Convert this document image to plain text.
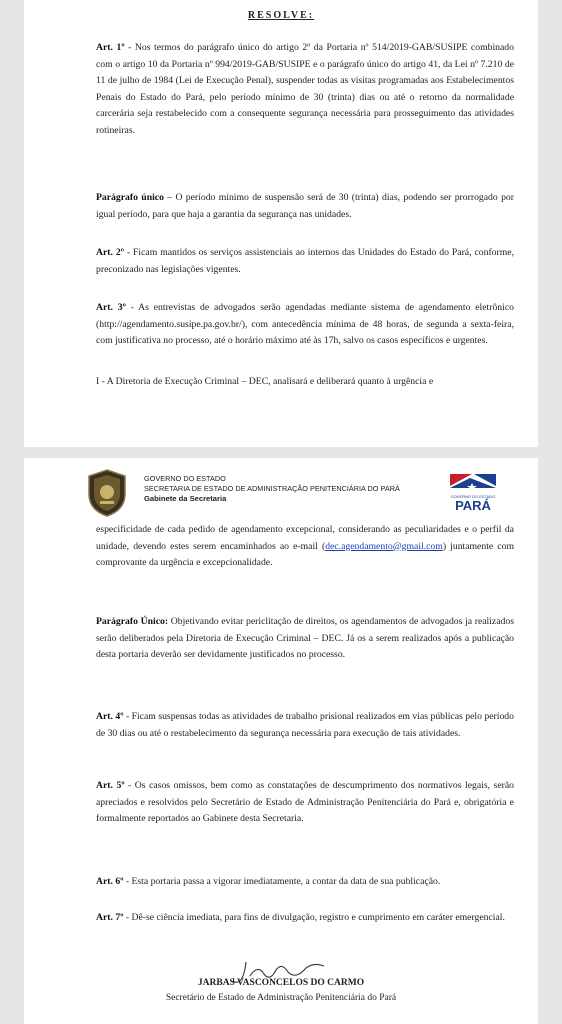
RESOLVE:

Art. 1º - Nos termos do parágrafo único do artigo 2º da Portaria nº 514/2019-GAB/SUSIPE combinado com o artigo 10 da Portaria nº 994/2019-GAB/SUSIPE e o parágrafo único do artigo 41, da Lei nº 7.210 de 11 de julho de 1984 (Lei de Execução Penal), suspender todas as visitas programadas aos Estabelecimentos Penais do Estado do Pará, pelo período mínimo de 30 (trinta) dias ou até o retorno da normalidade carcerária seja restabelecido com a consequente segurança necessária para prosseguimento das atividades rotineiras.

Parágrafo único – O período mínimo de suspensão será de 30 (trinta) dias, podendo ser prorrogado por igual período, para que haja a garantia da segurança nas unidades.

Art. 2º - Ficam mantidos os serviços assistenciais ao internos das Unidades do Estado do Pará, conforme, preconizado nas legislações vigentes.

Art. 3º - As entrevistas de advogados serão agendadas mediante sistema de agendamento eletrônico (http://agendamento.susipe.pa.gov.br/), com antecedência mínima de 48 horas, de segunda a sexta-feira, com justificativa no processo, até o horário máximo até às 17h, salvo os casos específicos e urgentes.

I - A Diretoria de Execução Criminal – DEC, analisará e deliberará quanto à urgência e

GOVERNO DO ESTADO
SECRETARIA DE ESTADO DE ADMINISTRAÇÃO PENITENCIÁRIA DO PARÁ
Gabinete da Secretaria	GOVERNO DO ESTADO
PARÁ

especificidade de cada pedido de agendamento excepcional, considerando as peculiaridades e o perfil da unidade, devendo estes serem encaminhados ao e-mail (dec.agendamento@gmail.com) juntamente com comprovante da urgência e excepcionalidade.

Parágrafo Único: Objetivando evitar periclitação de direitos, os agendamentos de advogados ja realizados serão deliberados pela Diretoria de Execução Criminal – DEC. Já os a serem realizados após a publicação desta portaria deverão ser devidamente justificados no processo.

Art. 4º - Ficam suspensas todas as atividades de trabalho prisional realizados em vias públicas pelo período de 30 dias ou até o restabelecimento da segurança necessária para execução de tais atividades.

Art. 5º - Os casos omissos, bem como as constatações de descumprimento dos normativos legais, serão apreciados e resolvidos pelo Secretário de Estado de Administração Penitenciária do Pará e, obrigatória e formalmente reportados ao Gabinete desta Secretaria.

Art. 6º - Esta portaria passa a vigorar imediatamente, a contar da data de sua publicação.

Art. 7º - Dê-se ciência imediata, para fins de divulgação, registro e cumprimento em caráter emergencial.

JARBAS VASCONCELOS DO CARMO
Secretário de Estado de Administração Penitenciária do Pará
